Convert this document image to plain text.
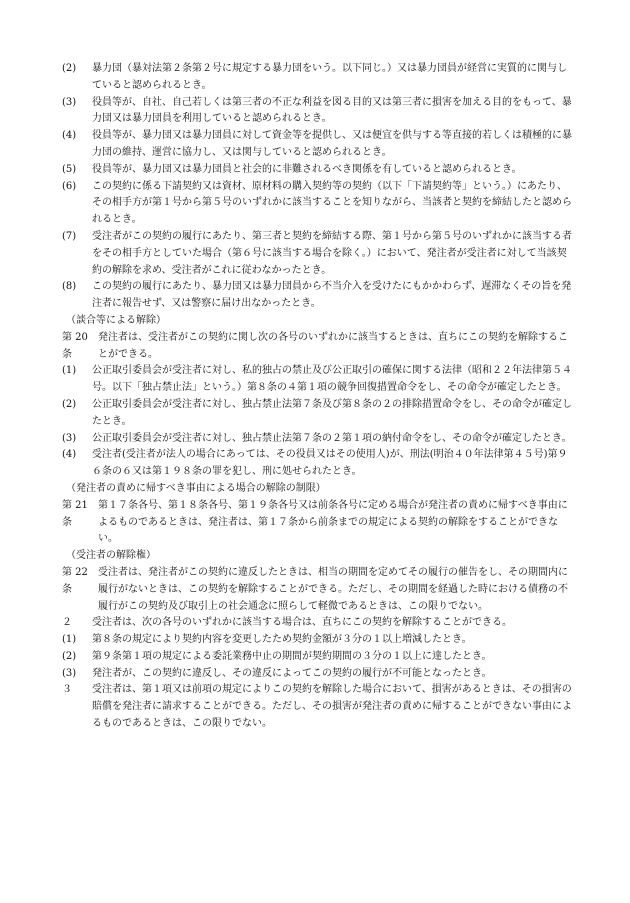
(2)	暴力団（暴対法第２条第２号に規定する暴力団をいう。以下同じ。）又は暴力団員が経営に実質的に関与していると認められるとき。
(3)	役員等が、自社、自己若しくは第三者の不正な利益を図る目的又は第三者に損害を加える目的をもって、暴力団又は暴力団員を利用していると認められるとき。
(4)	役員等が、暴力団又は暴力団員に対して資金等を提供し、又は便宜を供与する等直接的若しくは積極的に暴力団の維持、運営に協力し、又は関与していると認められるとき。
(5)	役員等が、暴力団又は暴力団員と社会的に非難されるべき関係を有していると認められるとき。
(6)	この契約に係る下請契約又は資材、原材料の購入契約等の契約（以下「下請契約等」という。）にあたり、その相手方が第１号から第５号のいずれかに該当することを知りながら、当該者と契約を締結したと認められるとき。
(7)	受注者がこの契約の履行にあたり、第三者と契約を締結する際、第１号から第５号のいずれかに該当する者をその相手方としていた場合（第６号に該当する場合を除く。）において、発注者が受注者に対して当該契約の解除を求め、受注者がこれに従わなかったとき。
(8)	この契約の履行にあたり、暴力団又は暴力団員から不当介入を受けたにもかかわらず、遅滞なくその旨を発注者に報告せず、又は警察に届け出なかったとき。

（談合等による解除）

第 20 条
発注者は、受注者がこの契約に関し次の各号のいずれかに該当するときは、直ちにこの契約を解除することができる。
(1)	公正取引委員会が受注者に対し、私的独占の禁止及び公正取引の確保に関する法律（昭和２２年法律第５４号。以下「独占禁止法」という。）第８条の４第１項の競争回復措置命令をし、その命令が確定したとき。
(2)	公正取引委員会が受注者に対し、独占禁止法第７条及び第８条の２の排除措置命令をし、その命令が確定したとき。
(3)	公正取引委員会が受注者に対し、独占禁止法第７条の２第１項の納付命令をし、その命令が確定したとき。
(4)	受注者(受注者が法人の場合にあっては、その役員又はその使用人)が、刑法(明治４０年法律第４５号)第９６条の６又は第１９８条の罪を犯し、刑に処せられたとき。

（発注者の責めに帰すべき事由による場合の解除の制限）

第 21 条
第１７条各号、第１８条各号、第１９条各号又は前条各号に定める場合が発注者の責めに帰すべき事由によるものであるときは、発注者は、第１７条から前条までの規定による契約の解除をすることができない。

（受注者の解除権）

第 22 条
受注者は、発注者がこの契約に違反したときは、相当の期間を定めてその履行の催告をし、その期間内に履行がないときは、この契約を解除することができる。ただし、その期間を経過した時における債務の不履行がこの契約及び取引上の社会通念に照らして軽微であるときは、この限りでない。
２	受注者は、次の各号のいずれかに該当する場合は、直ちにこの契約を解除することができる。
(1)	第８条の規定により契約内容を変更したため契約金額が３分の１以上増減したとき。
(2)	第９条第１項の規定による委託業務中止の期間が契約期間の３分の１以上に達したとき。
(3)	発注者が、この契約に違反し、その違反によってこの契約の履行が不可能となったとき。
３	受注者は、第１項又は前項の規定によりこの契約を解除した場合において、損害があるときは、その損害の賠償を発注者に請求することができる。ただし、その損害が発注者の責めに帰することができない事由によるものであるときは、この限りでない。
